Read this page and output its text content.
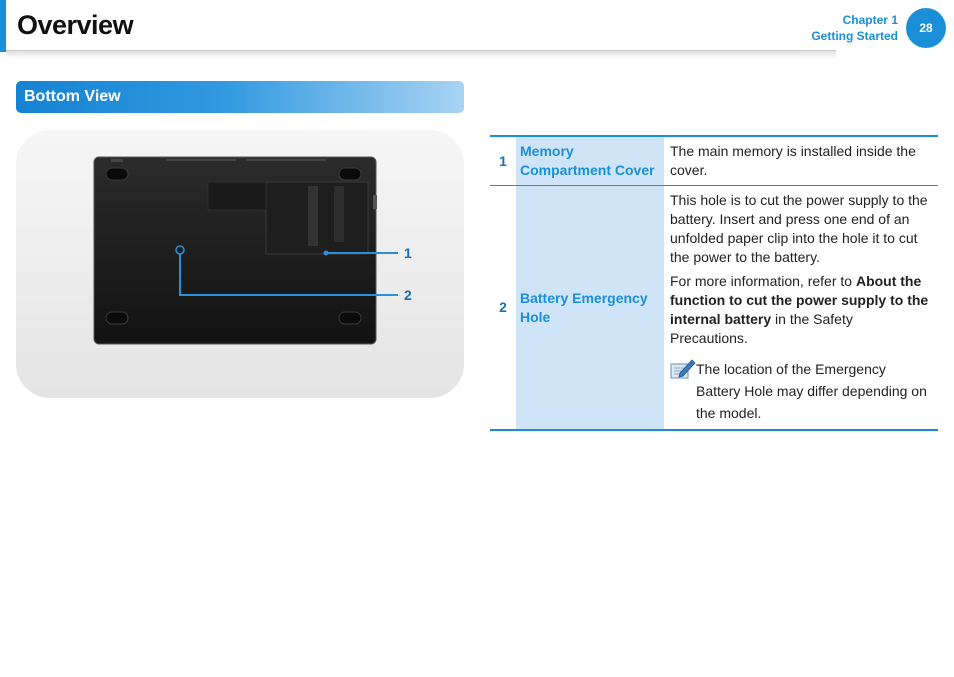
Overview	Chapter 1
Getting Started
28
Bottom View
1
2
1	Memory Compartment Cover	The main memory is installed inside the cover.
2	Battery Emergency Hole	This hole is to cut the power supply to the battery. Insert and press one end of an unfolded paper clip into the hole it to cut the power to the battery.

For more information, refer to About the function to cut the power supply to the internal battery in the Safety Precautions.

The location of the Emergency Battery Hole may differ depending on the model.
